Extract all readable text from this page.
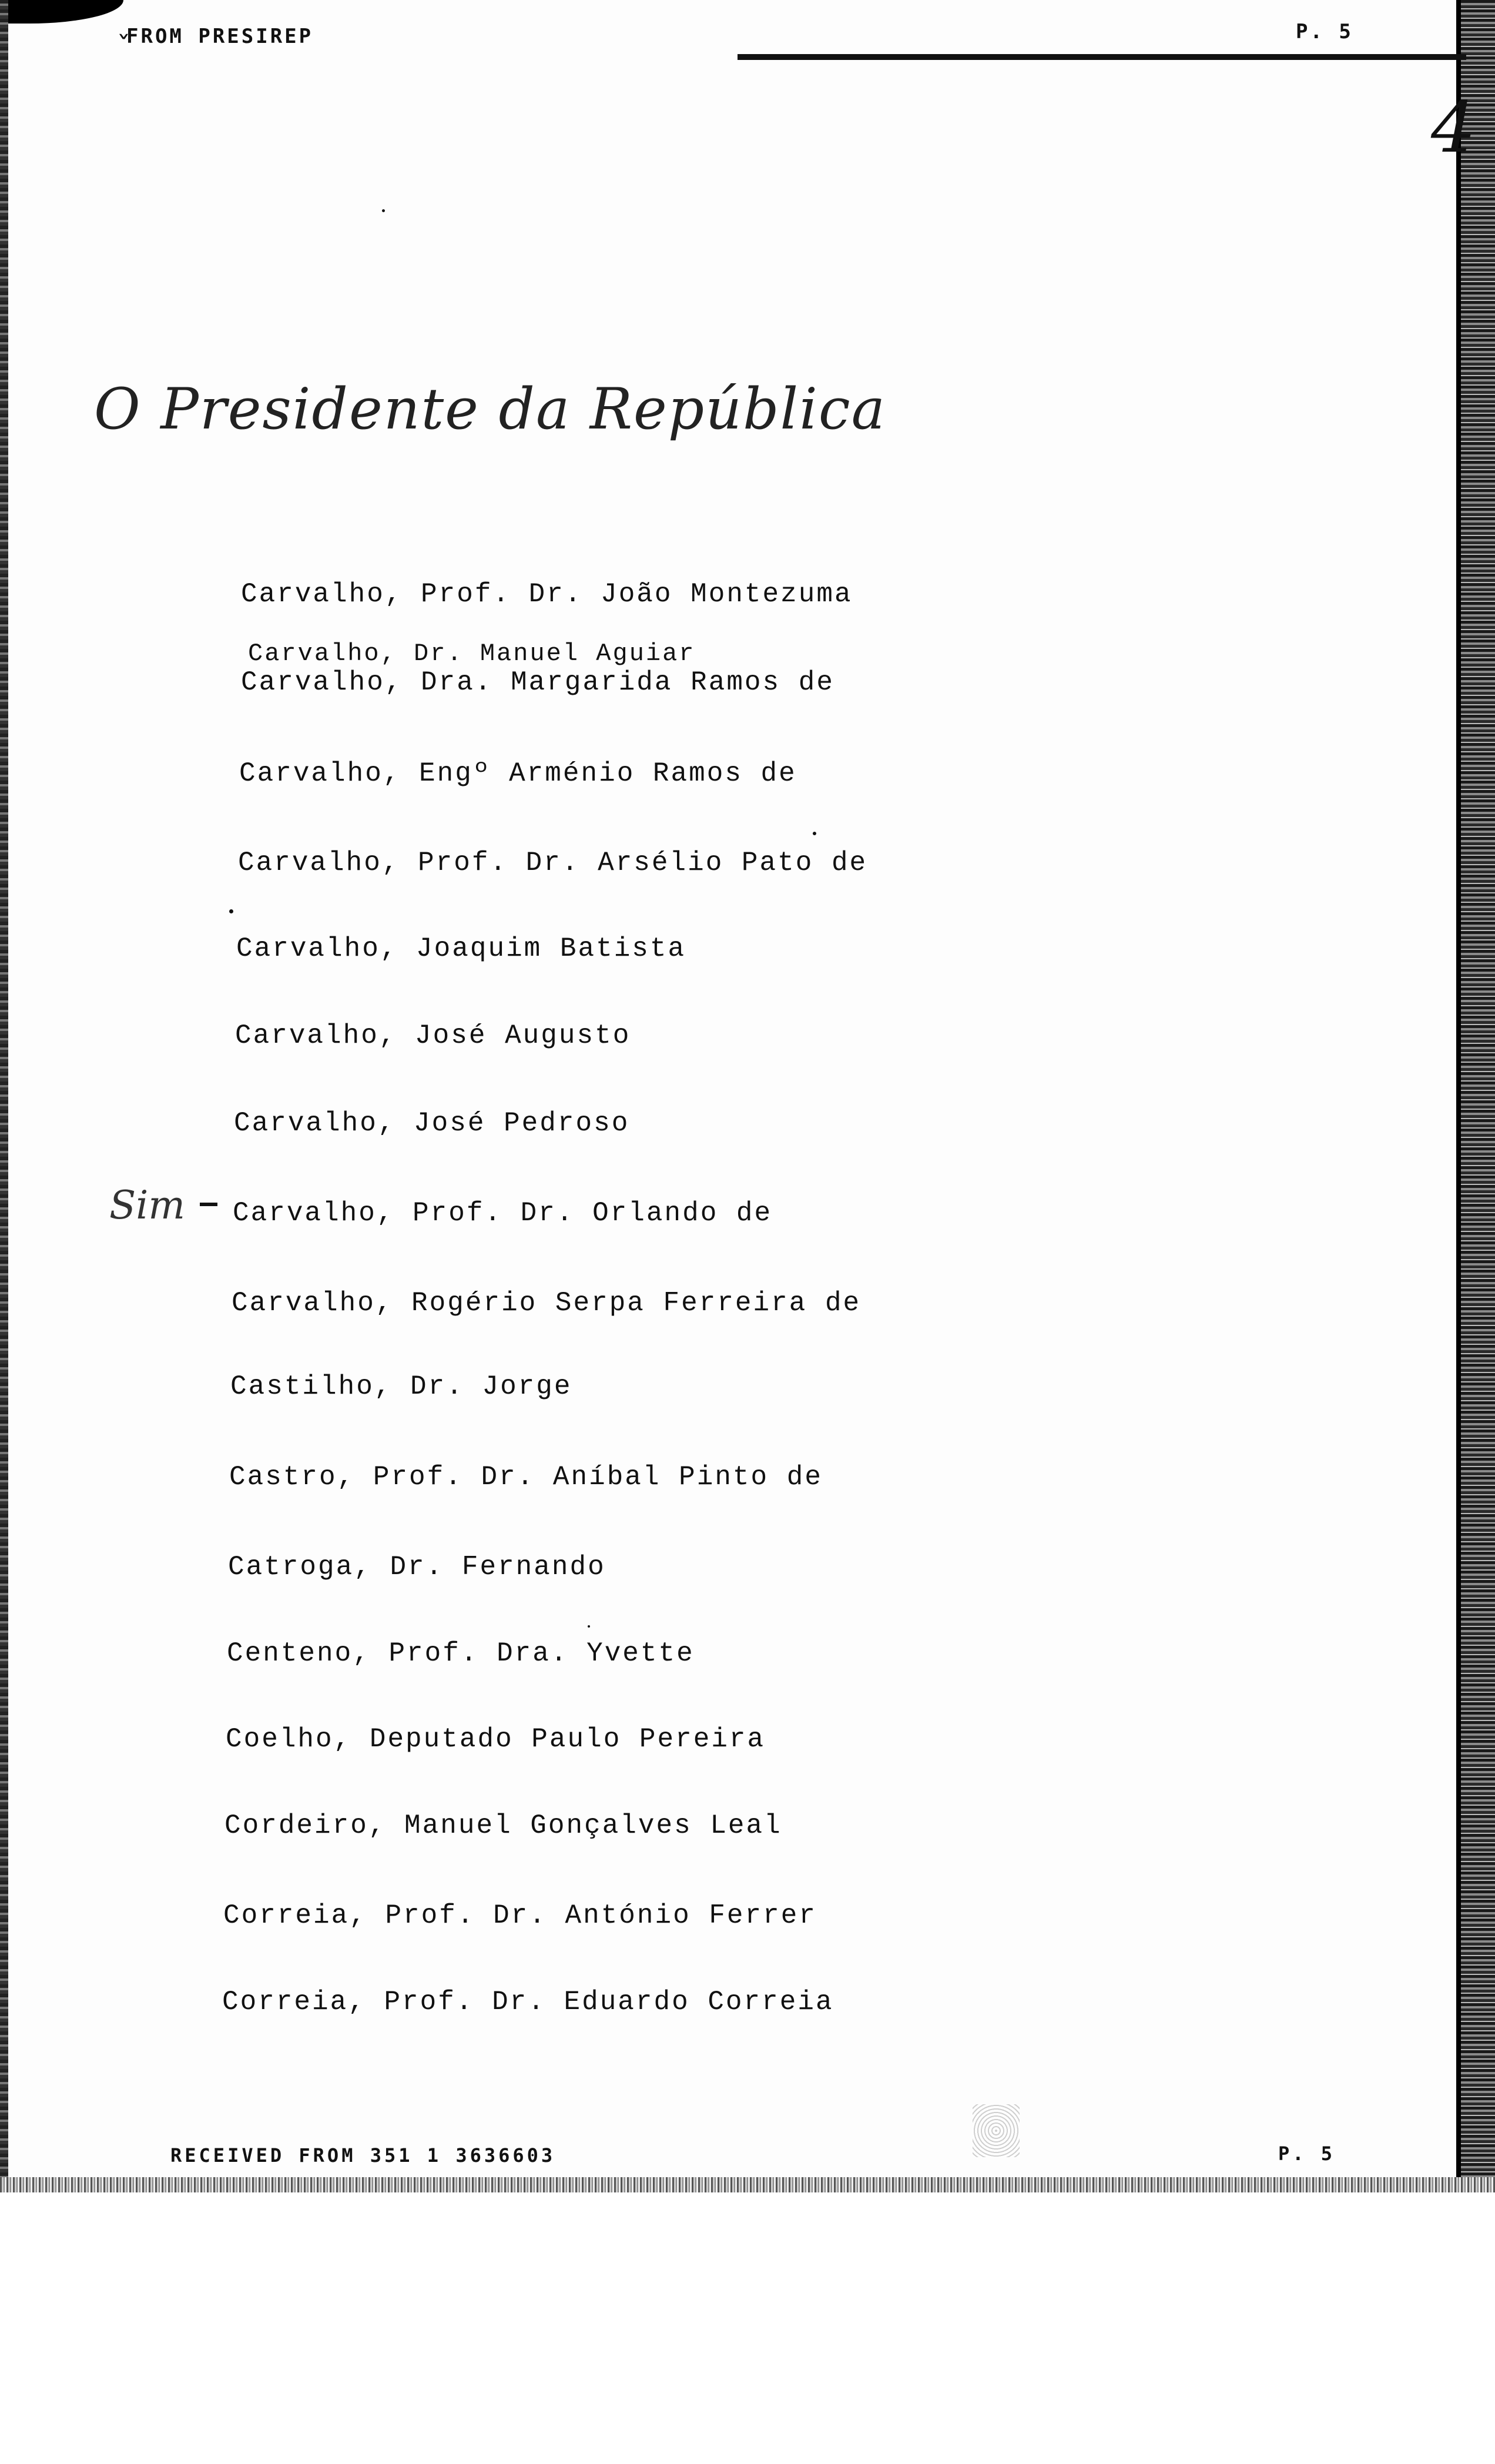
ˇ
FROM PRESIREP	P. 5
4
O Presidente da República
Sim
Carvalho, Prof. Dr. João Montezuma
Carvalho, Dr. Manuel Aguiar
Carvalho, Dra. Margarida Ramos de
Carvalho, Engº Arménio Ramos de
Carvalho, Prof. Dr. Arsélio Pato de
Carvalho, Joaquim Batista
Carvalho, José Augusto
Carvalho, José Pedroso
Carvalho, Prof. Dr. Orlando de
Carvalho, Rogério Serpa Ferreira de
Castilho, Dr. Jorge
Castro, Prof. Dr. Aníbal Pinto de
Catroga, Dr. Fernando
Centeno, Prof. Dra. Yvette
Coelho, Deputado Paulo Pereira
Cordeiro, Manuel Gonçalves Leal
Correia, Prof. Dr. António Ferrer
Correia, Prof. Dr. Eduardo Correia
RECEIVED FROM 351 1 3636603	P. 5
